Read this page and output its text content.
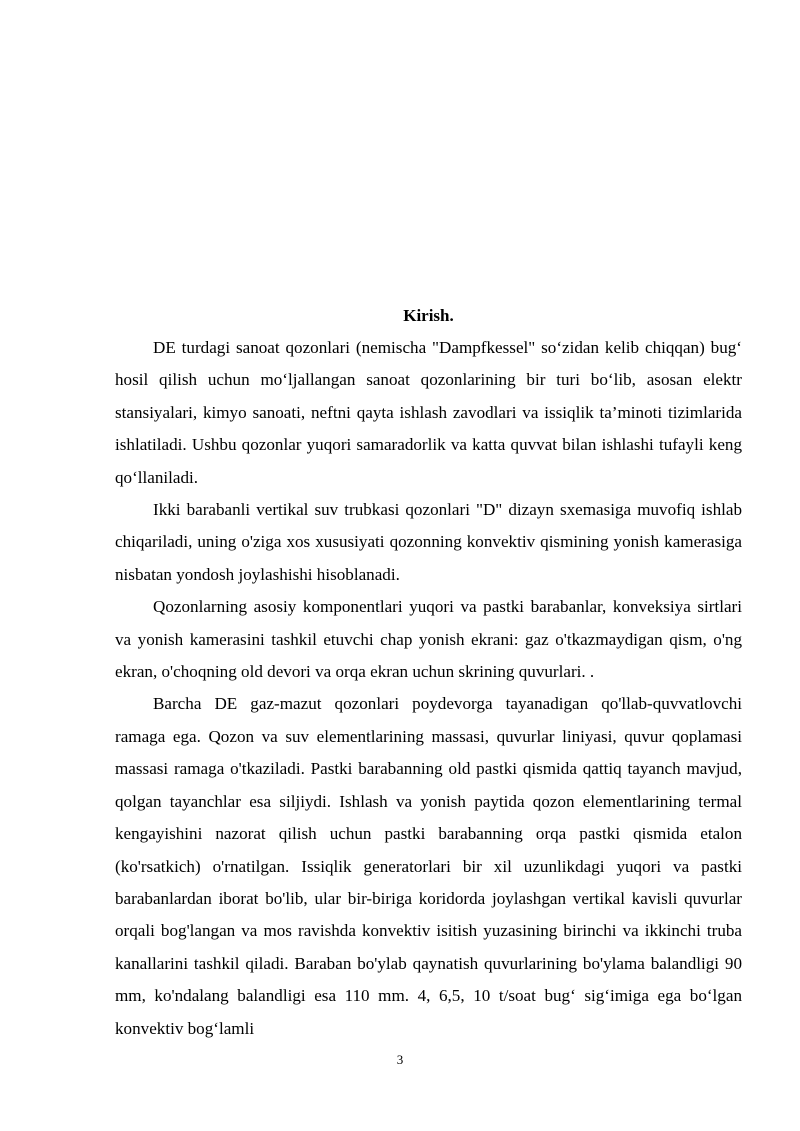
Kirish.

DE turdagi sanoat qozonlari (nemischa "Dampfkessel" so‘zidan kelib chiqqan) bug‘ hosil qilish uchun mo‘ljallangan sanoat qozonlarining bir turi bo‘lib, asosan elektr stansiyalari, kimyo sanoati, neftni qayta ishlash zavodlari va issiqlik ta’minoti tizimlarida ishlatiladi. Ushbu qozonlar yuqori samaradorlik va katta quvvat bilan ishlashi tufayli keng qo‘llaniladi.

Ikki barabanli vertikal suv trubkasi qozonlari "D" dizayn sxemasiga muvofiq ishlab chiqariladi, uning o'ziga xos xususiyati qozonning konvektiv qismining yonish kamerasiga nisbatan yondosh joylashishi hisoblanadi.

Qozonlarning asosiy komponentlari yuqori va pastki barabanlar, konveksiya sirtlari va yonish kamerasini tashkil etuvchi chap yonish ekrani: gaz o'tkazmaydigan qism, o'ng ekran, o'choqning old devori va orqa ekran uchun skrining quvurlari. .

Barcha DE gaz-mazut qozonlari poydevorga tayanadigan qo'llab-quvvatlovchi ramaga ega. Qozon va suv elementlarining massasi, quvurlar liniyasi, quvur qoplamasi massasi ramaga o'tkaziladi. Pastki barabanning old pastki qismida qattiq tayanch mavjud, qolgan tayanchlar esa siljiydi. Ishlash va yonish paytida qozon elementlarining termal kengayishini nazorat qilish uchun pastki barabanning orqa pastki qismida etalon (ko'rsatkich) o'rnatilgan. Issiqlik generatorlari bir xil uzunlikdagi yuqori va pastki barabanlardan iborat bo'lib, ular bir-biriga koridorda joylashgan vertikal kavisli quvurlar orqali bog'langan va mos ravishda konvektiv isitish yuzasining birinchi va ikkinchi truba kanallarini tashkil qiladi. Baraban bo'ylab qaynatish quvurlarining bo'ylama balandligi 90 mm, ko'ndalang balandligi esa 110 mm. 4, 6,5, 10 t/soat bug‘ sig‘imiga ega bo‘lgan konvektiv bog‘lamli

3
